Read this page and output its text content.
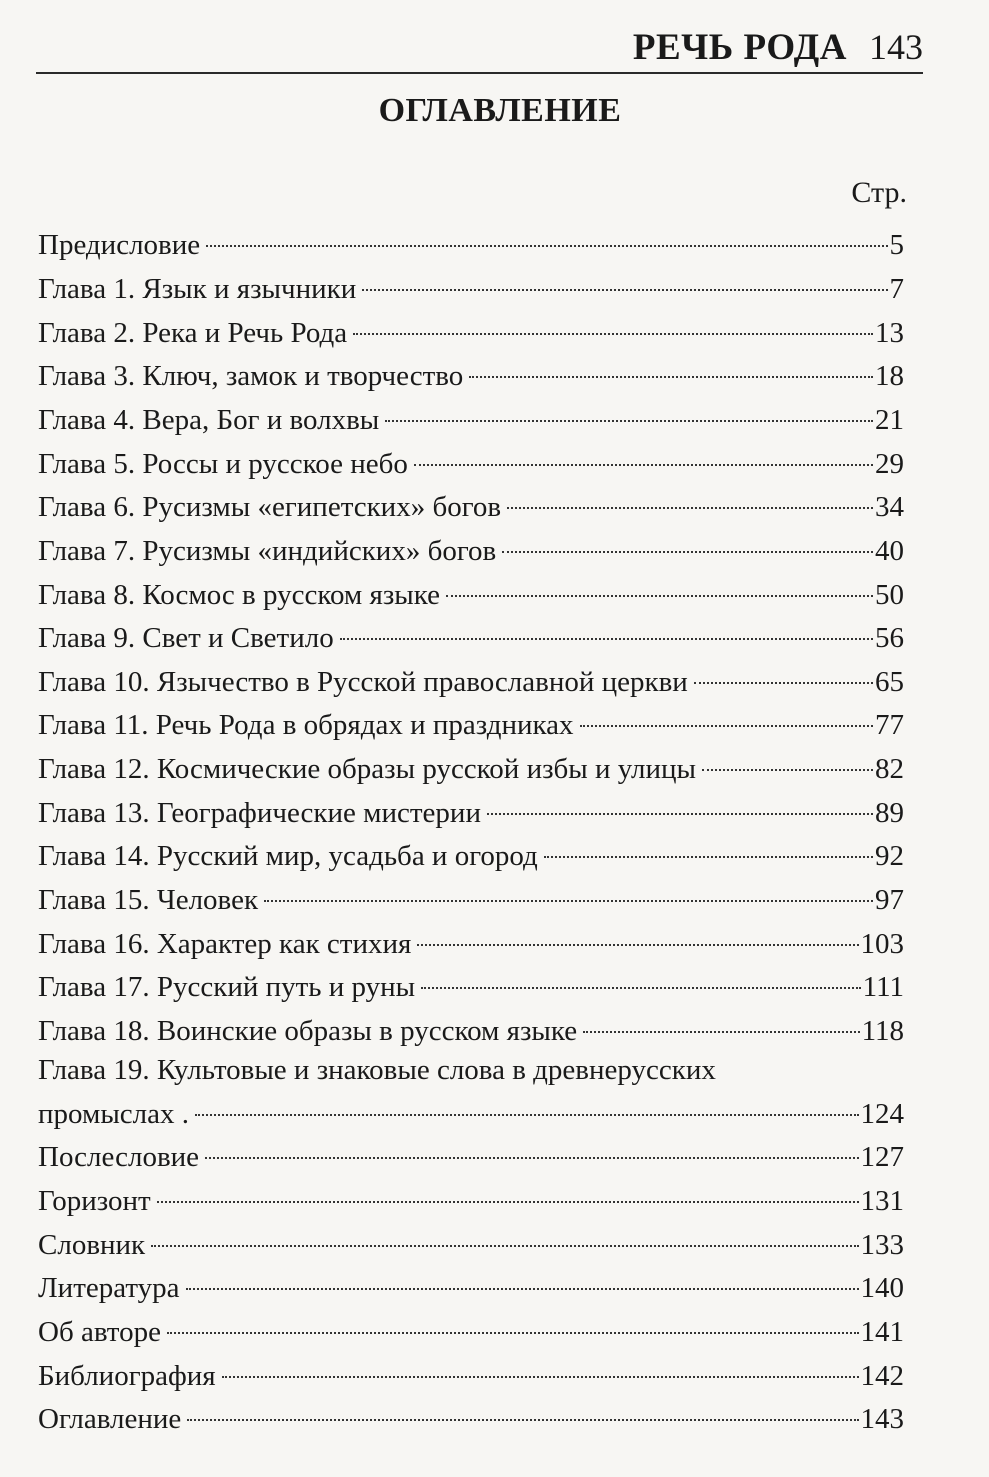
РЕЧЬ РОДА 143
ОГЛАВЛЕНИЕ
Стр.
Предисловие	5
Глава 1. Язык и язычники	7
Глава 2. Река и Речь Рода	13
Глава 3. Ключ, замок и творчество	18
Глава 4. Вера, Бог и волхвы	21
Глава 5. Россы и русское небо	29
Глава 6. Русизмы «египетских» богов	34
Глава 7. Русизмы «индийских» богов	40
Глава 8. Космос в русском языке	50
Глава 9. Свет и Светило	56
Глава 10. Язычество в Русской православной церкви	65
Глава 11. Речь Рода в обрядах и праздниках	77
Глава 12. Космические образы русской избы и улицы	82
Глава 13. Географические мистерии	89
Глава 14. Русский мир, усадьба и огород	92
Глава 15. Человек	97
Глава 16. Характер как стихия	103
Глава 17. Русский путь и руны	111
Глава 18. Воинские образы в русском языке	118
Глава 19. Культовые и знаковые слова в древнерусских
промыслах .	124
Послесловие	127
Горизонт	131
Словник	133
Литература	140
Об авторе	141
Библиография	142
Оглавление	143
